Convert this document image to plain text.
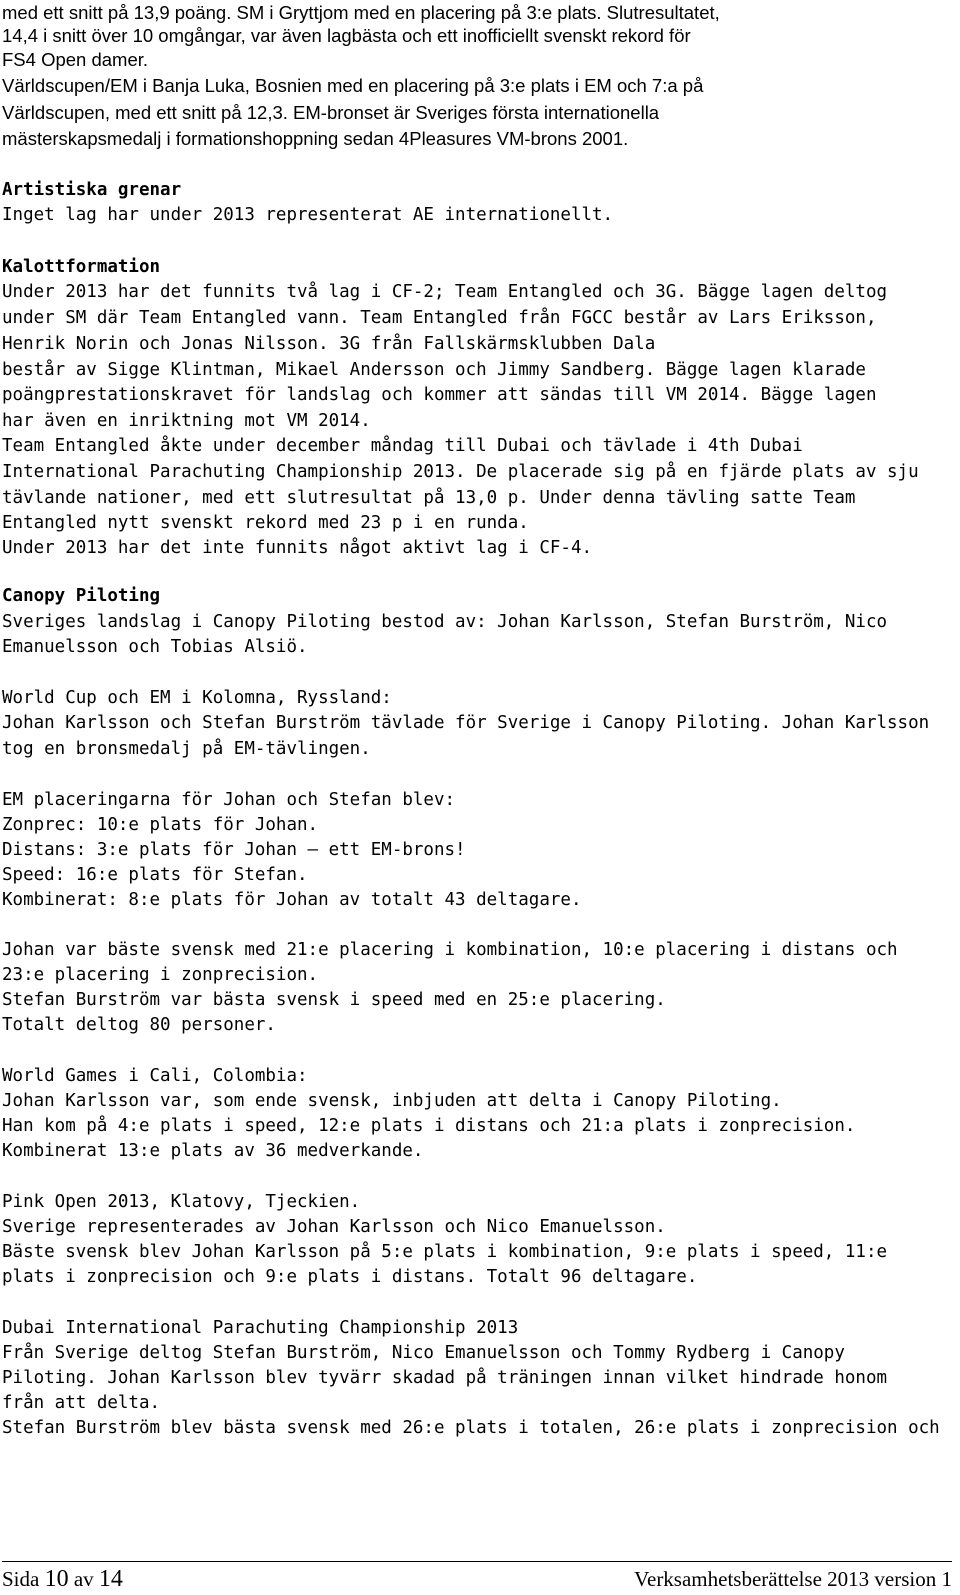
med ett snitt på 13,9 poäng. SM i Gryttjom med en placering på 3:e plats. Slutresultatet,
14,4 i snitt över 10 omgångar, var även lagbästa och ett inofficiellt svenskt rekord för
FS4 Open damer.
Världscupen/EM i Banja Luka, Bosnien med en placering på 3:e plats i EM och 7:a på
Världscupen, med ett snitt på 12,3. EM-bronset är Sveriges första internationella
mästerskapsmedalj i formationshoppning sedan 4Pleasures VM-brons 2001.
Artistiska grenar
Inget lag har under 2013 representerat AE internationellt.
Kalottformation
Under 2013 har det funnits två lag i CF-2; Team Entangled och 3G. Bägge lagen deltog
under SM där Team Entangled vann. Team Entangled från FGCC består av Lars Eriksson,
Henrik Norin och Jonas Nilsson. 3G från Fallskärmsklubben Dala
består av Sigge Klintman, Mikael Andersson och Jimmy Sandberg. Bägge lagen klarade
poängprestationskravet för landslag och kommer att sändas till VM 2014. Bägge lagen
har även en inriktning mot VM 2014.
Team Entangled åkte under december måndag till Dubai och tävlade i 4th Dubai
International Parachuting Championship 2013. De placerade sig på en fjärde plats av sju
tävlande nationer, med ett slutresultat på 13,0 p. Under denna tävling satte Team
Entangled nytt svenskt rekord med 23 p i en runda.
Under 2013 har det inte funnits något aktivt lag i CF-4.
Canopy Piloting
Sveriges landslag i Canopy Piloting bestod av: Johan Karlsson, Stefan Burström, Nico
Emanuelsson och Tobias Alsiö.
World Cup och EM i Kolomna, Ryssland:
Johan Karlsson och Stefan Burström tävlade för Sverige i Canopy Piloting. Johan Karlsson
tog en bronsmedalj på EM-tävlingen.
EM placeringarna för Johan och Stefan blev:
Zonprec: 10:e plats för Johan.
Distans: 3:e plats för Johan – ett EM-brons!
Speed: 16:e plats för Stefan.
Kombinerat: 8:e plats för Johan av totalt 43 deltagare.
Johan var bäste svensk med 21:e placering i kombination, 10:e placering i distans och
23:e placering i zonprecision.
Stefan Burström var bästa svensk i speed med en 25:e placering.
Totalt deltog 80 personer.
World Games i Cali, Colombia:
Johan Karlsson var, som ende svensk, inbjuden att delta i Canopy Piloting.
Han kom på 4:e plats i speed, 12:e plats i distans och 21:a plats i zonprecision.
Kombinerat 13:e plats av 36 medverkande.
Pink Open 2013, Klatovy, Tjeckien.
Sverige representerades av Johan Karlsson och Nico Emanuelsson.
Bäste svensk blev Johan Karlsson på 5:e plats i kombination, 9:e plats i speed, 11:e
plats i zonprecision och 9:e plats i distans. Totalt 96 deltagare.
Dubai International Parachuting Championship 2013
Från Sverige deltog Stefan Burström, Nico Emanuelsson och Tommy Rydberg i Canopy
Piloting. Johan Karlsson blev tyvärr skadad på träningen innan vilket hindrade honom
från att delta.
Stefan Burström blev bästa svensk med 26:e plats i totalen, 26:e plats i zonprecision och
Sida 10 av 14	Verksamhetsberättelse 2013 version 1
